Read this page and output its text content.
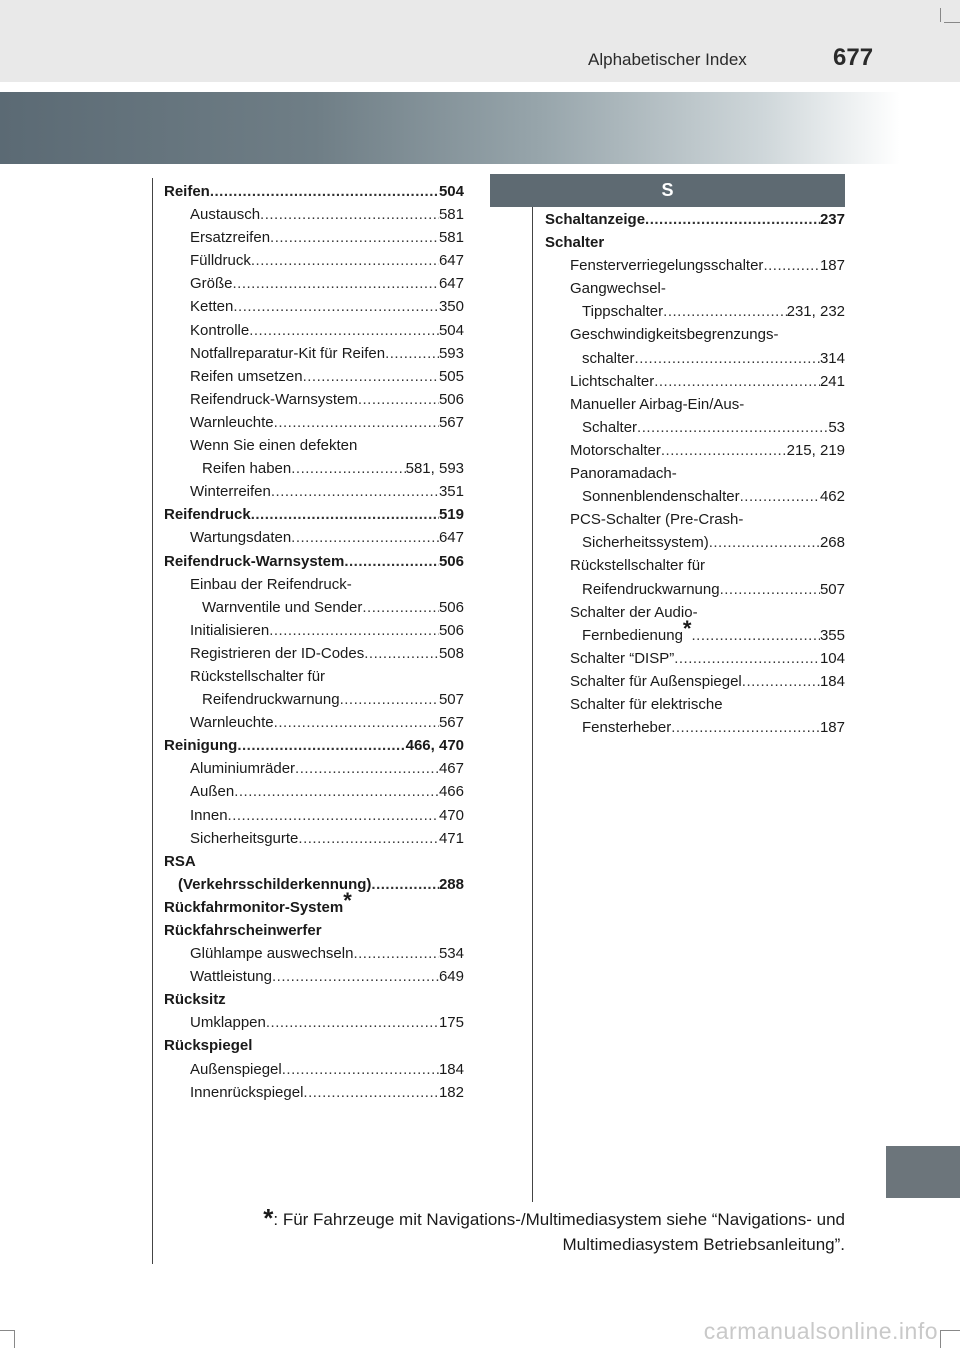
Alphabetischer Index	677
Reifen .....	504
Austausch .....	581
Ersatzreifen .....	581
Fülldruck .....	647
Größe .....	647
Ketten .....	350
Kontrolle .....	504
Notfallreparatur-Kit für Reifen .....	593
Reifen umsetzen .....	505
Reifendruck-Warnsystem .....	506
Warnleuchte .....	567
Wenn Sie einen defekten
Reifen haben .....	581, 593
Winterreifen .....	351
Reifendruck .....	519
Wartungsdaten .....	647
Reifendruck-Warnsystem .....	506
Einbau der Reifendruck-
Warnventile und Sender .....	506
Initialisieren .....	506
Registrieren der ID-Codes .....	508
Rückstellschalter für
Reifendruckwarnung .....	507
Warnleuchte .....	567
Reinigung .....	466, 470
Aluminiumräder .....	467
Außen .....	466
Innen .....	470
Sicherheitsgurte .....	471
RSA
(Verkehrsschilderkennung) .....	288
Rückfahrmonitor-System *
Rückfahrscheinwerfer
Glühlampe auswechseln .....	534
Wattleistung .....	649
Rücksitz
Umklappen .....	175
Rückspiegel
Außenspiegel .....	184
Innenrückspiegel .....	182
S
Schaltanzeige .....	237
Schalter
Fensterverriegelungsschalter .....	187
Gangwechsel-
Tippschalter .....	231, 232
Geschwindigkeitsbegrenzungs-
schalter .....	314
Lichtschalter .....	241
Manueller Airbag-Ein/Aus-
Schalter .....	53
Motorschalter .....	215, 219
Panoramadach-
Sonnenblendenschalter .....	462
PCS-Schalter (Pre-Crash-
Sicherheitssystem) .....	268
Rückstellschalter für
Reifendruckwarnung .....	507
Schalter der Audio-
Fernbedienung * .....	355
Schalter “DISP” .....	104
Schalter für Außenspiegel .....	184
Schalter für elektrische
Fensterheber .....	187
*: Für Fahrzeuge mit Navigations-/Multimediasystem siehe “Navigations- und
Multimediasystem Betriebsanleitung”.
carmanualsonline.info
